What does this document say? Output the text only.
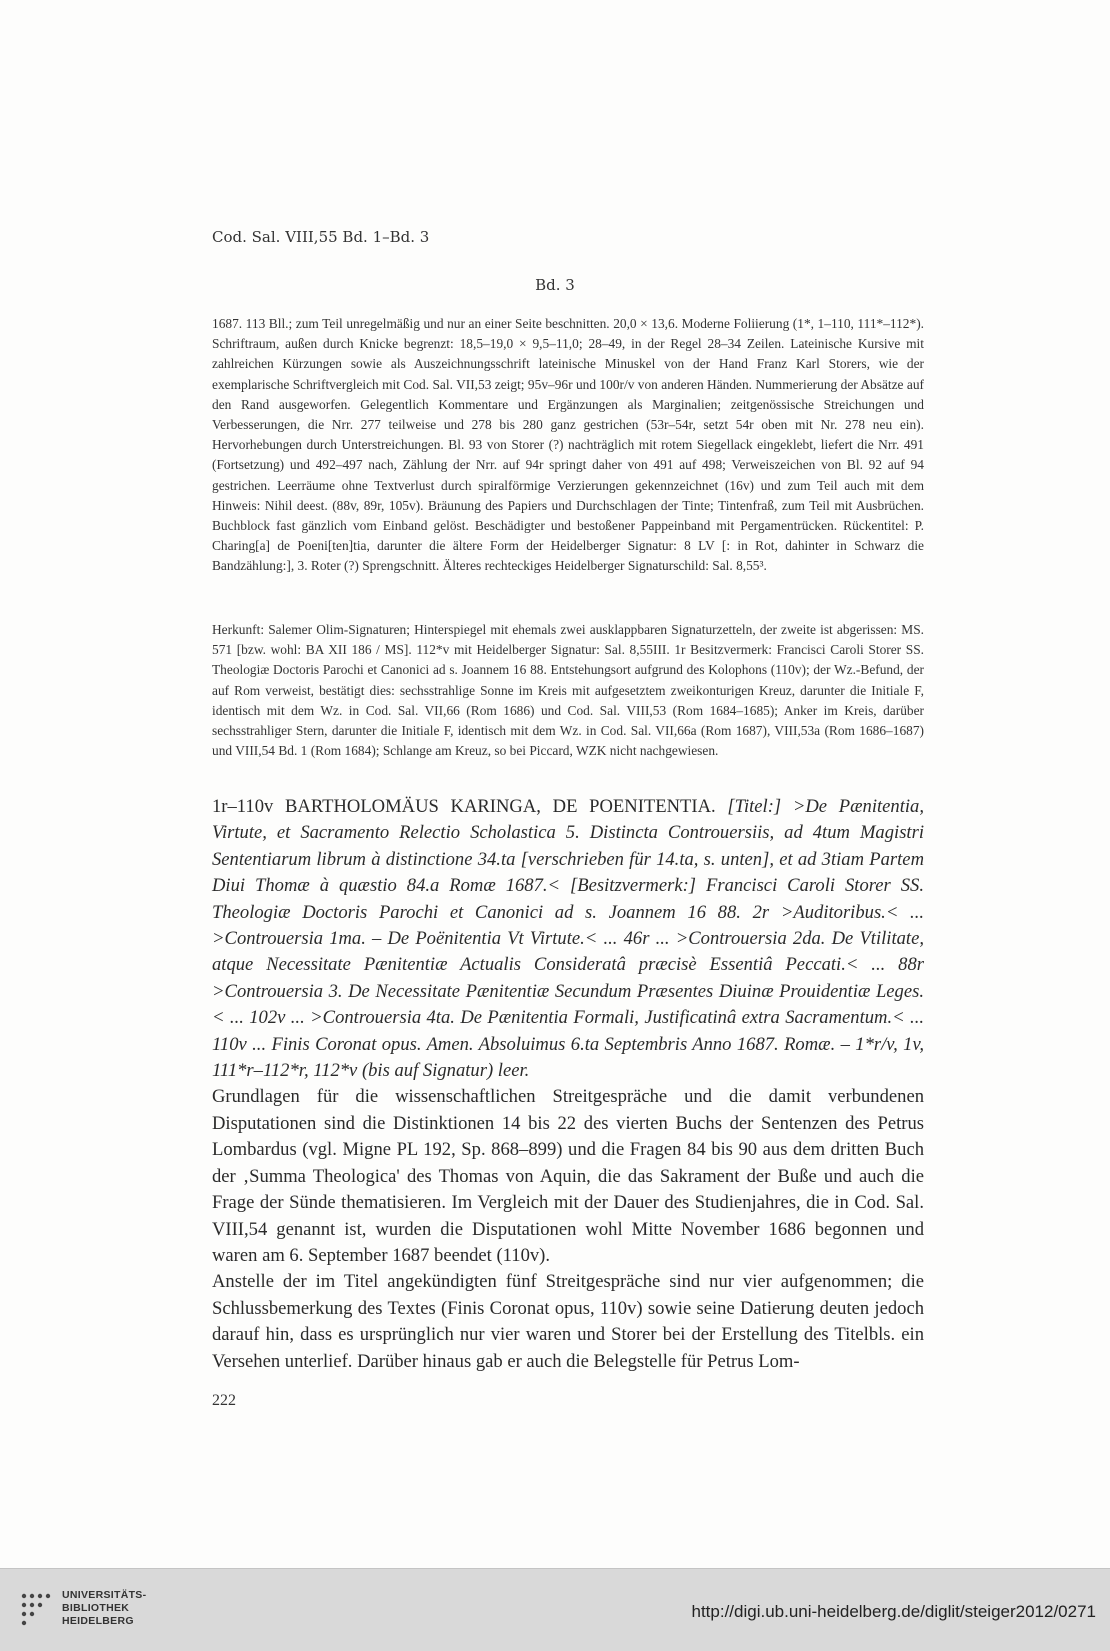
Cod. Sal. VIII,55 Bd. 1–Bd. 3
Bd. 3
1687. 113 Bll.; zum Teil unregelmäßig und nur an einer Seite beschnitten. 20,0 × 13,6. Moderne Foliierung (1*, 1–110, 111*–112*). Schriftraum, außen durch Knicke begrenzt: 18,5–19,0 × 9,5–11,0; 28–49, in der Regel 28–34 Zeilen. Lateinische Kursive mit zahlreichen Kürzungen sowie als Auszeichnungsschrift lateinische Minuskel von der Hand Franz Karl Storers, wie der exemplarische Schriftvergleich mit Cod. Sal. VII,53 zeigt; 95v–96r und 100r/v von anderen Händen. Nummerierung der Absätze auf den Rand ausgeworfen. Gelegentlich Kommentare und Ergänzungen als Marginalien; zeitgenössische Streichungen und Verbesserungen, die Nrr. 277 teilweise und 278 bis 280 ganz gestrichen (53r–54r, setzt 54r oben mit Nr. 278 neu ein). Hervorhebungen durch Unterstreichungen. Bl. 93 von Storer (?) nachträglich mit rotem Siegellack eingeklebt, liefert die Nrr. 491 (Fortsetzung) und 492–497 nach, Zählung der Nrr. auf 94r springt daher von 491 auf 498; Verweiszeichen von Bl. 92 auf 94 gestrichen. Leerräume ohne Textverlust durch spiralförmige Verzierungen gekennzeichnet (16v) und zum Teil auch mit dem Hinweis: Nihil deest. (88v, 89r, 105v). Bräunung des Papiers und Durchschlagen der Tinte; Tintenfraß, zum Teil mit Ausbrüchen. Buchblock fast gänzlich vom Einband gelöst. Beschädigter und bestoßener Pappeinband mit Pergamentrücken. Rückentitel: P. Charing[a] de Poeni[ten]tia, darunter die ältere Form der Heidelberger Signatur: 8 LV [: in Rot, dahinter in Schwarz die Bandzählung:], 3. Roter (?) Sprengschnitt. Älteres rechteckiges Heidelberger Signaturschild: Sal. 8,55³.
Herkunft: Salemer Olim-Signaturen; Hinterspiegel mit ehemals zwei ausklappbaren Signaturzetteln, der zweite ist abgerissen: MS. 571 [bzw. wohl: BA XII 186 / MS]. 112*v mit Heidelberger Signatur: Sal. 8,55III. 1r Besitzvermerk: Francisci Caroli Storer SS. Theologiæ Doctoris Parochi et Canonici ad s. Joannem 16 88. Entstehungsort aufgrund des Kolophons (110v); der Wz.-Befund, der auf Rom verweist, bestätigt dies: sechsstrahlige Sonne im Kreis mit aufgesetztem zweikonturigen Kreuz, darunter die Initiale F, identisch mit dem Wz. in Cod. Sal. VII,66 (Rom 1686) und Cod. Sal. VIII,53 (Rom 1684–1685); Anker im Kreis, darüber sechsstrahliger Stern, darunter die Initiale F, identisch mit dem Wz. in Cod. Sal. VII,66a (Rom 1687), VIII,53a (Rom 1686–1687) und VIII,54 Bd. 1 (Rom 1684); Schlange am Kreuz, so bei Piccard, WZK nicht nachgewiesen.

1r–110v BARTHOLOMÄUS KARINGA, DE POENITENTIA. [Titel:] >De Pænitentia, Virtute, et Sacramento Relectio Scholastica 5. Distincta Controuersiis, ad 4tum Magistri Sententiarum librum à distinctione 34.ta [verschrieben für 14.ta, s. unten], et ad 3tiam Partem Diui Thomæ à quæstio 84.a Romæ 1687.< [Besitzvermerk:] Francisci Caroli Storer SS. Theologiæ Doctoris Parochi et Canonici ad s. Joannem 16 88. 2r >Auditoribus.< ... >Controuersia 1ma. – De Poënitentia Vt Virtute.< ... 46r ... >Controuersia 2da. De Vtilitate, atque Necessitate Pænitentiæ Actualis Consideratâ præcisè Essentiâ Peccati.< ... 88r >Controuersia 3. De Necessitate Pænitentiæ Secundum Præsentes Diuinæ Prouidentiæ Leges.< ... 102v ... >Controuersia 4ta. De Pænitentia Formali, Justificatinâ extra Sacramentum.< ... 110v ... Finis Coronat opus. Amen. Absoluimus 6.ta Septembris Anno 1687. Romæ. – 1*r/v, 1v, 111*r–112*r, 112*v (bis auf Signatur) leer.

Grundlagen für die wissenschaftlichen Streitgespräche und die damit verbundenen Disputationen sind die Distinktionen 14 bis 22 des vierten Buchs der Sentenzen des Petrus Lombardus (vgl. Migne PL 192, Sp. 868–899) und die Fragen 84 bis 90 aus dem dritten Buch der ‚Summa Theologica' des Thomas von Aquin, die das Sakrament der Buße und auch die Frage der Sünde thematisieren. Im Vergleich mit der Dauer des Studienjahres, die in Cod. Sal. VIII,54 genannt ist, wurden die Disputationen wohl Mitte November 1686 begonnen und waren am 6. September 1687 beendet (110v).

Anstelle der im Titel angekündigten fünf Streitgespräche sind nur vier aufgenommen; die Schlussbemerkung des Textes (Finis Coronat opus, 110v) sowie seine Datierung deuten jedoch darauf hin, dass es ursprünglich nur vier waren und Storer bei der Erstellung des Titelbls. ein Versehen unterlief. Darüber hinaus gab er auch die Belegstelle für Petrus Lom-

222
UNIVERSITÄTS-
BIBLIOTHEK
HEIDELBERG	http://digi.ub.uni-heidelberg.de/diglit/steiger2012/0271
